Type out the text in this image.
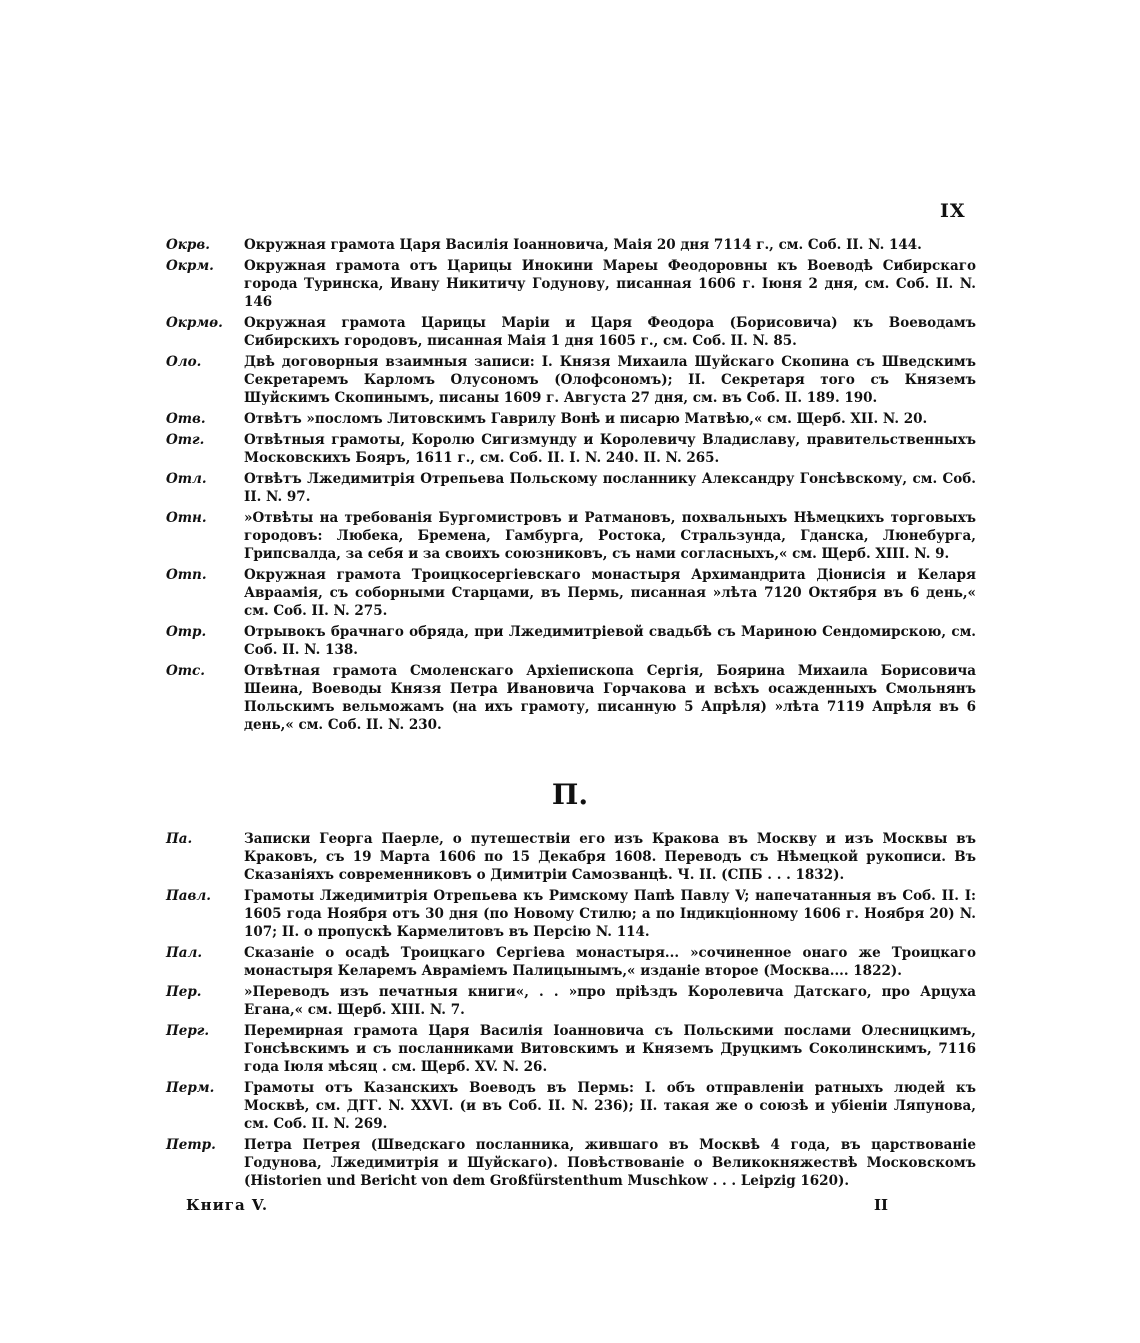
IX
Окрв.	Окружная грамота Царя Василія Іоанновича, Маія 20 дня 7114 г., см. Соб. II. N. 144.
Окрм.	Окружная грамота отъ Царицы Инокини Мареы Феодоровны къ Воеводѣ Сибирскаго города Туринска, Ивану Никитичу Годунову, писанная 1606 г. Іюня 2 дня, см. Соб. II. N. 146
Окрмө.	Окружная грамота Царицы Маріи и Царя Феодора (Борисовича) къ Воеводамъ Сибирскихъ городовъ, писанная Маія 1 дня 1605 г., см. Соб. II. N. 85.
Оло.	Двѣ договорныя взаимныя записи: I. Князя Михаила Шуйскаго Скопина съ Шведскимъ Секретаремъ Карломъ Олусономъ (Олофсономъ); II. Секретаря того съ Княземъ Шуйскимъ Скопинымъ, писаны 1609 г. Августа 27 дня, см. въ Соб. II. 189. 190.
Отв.	Отвѣтъ »посломъ Литовскимъ Гаврилу Вонѣ и писарю Матвѣю,« см. Щерб. XII. N. 20.
Отг.	Отвѣтныя грамоты, Королю Сигизмунду и Королевичу Владиславу, правительственныхъ Московскихъ Бояръ, 1611 г., см. Соб. II. I. N. 240. II. N. 265.
Отл.	Отвѣтъ Лжедимитрія Отрепьева Польскому посланнику Александру Гонсѣвскому, см. Соб. II. N. 97.
Отн.	»Отвѣты на требованія Бургомистровъ и Ратмановъ, похвальныхъ Нѣмецкихъ торговыхъ городовъ: Любека, Бремена, Гамбурга, Ростока, Стральзунда, Гданска, Люнебурга, Грипсвалда, за себя и за своихъ союзниковъ, съ нами согласныхъ,« см. Щерб. XIII. N. 9.
Отп.	Окружная грамота Троицкосергіевскаго монастыря Архимандрита Діонисія и Келаря Авраамія, съ соборными Старцами, въ Пермь, писанная »лѣта 7120 Октября въ 6 день,« см. Соб. II. N. 275.
Отр.	Отрывокъ брачнаго обряда, при Лжедимитріевой свадьбѣ съ Мариною Сендомирскою, см. Соб. II. N. 138.
Отс.	Отвѣтная грамота Смоленскаго Архіепископа Сергія, Боярина Михаила Борисовича Шеина, Воеводы Князя Петра Ивановича Горчакова и всѣхъ осажденныхъ Смольнянъ Польскимъ вельможамъ (на ихъ грамоту, писанную 5 Апрѣля) »лѣта 7119 Апрѣля въ 6 день,« см. Соб. II. N. 230.
П.
Па.	Записки Георга Паерле, о путешествіи его изъ Кракова въ Москву и изъ Москвы въ Краковъ, съ 19 Марта 1606 по 15 Декабря 1608. Переводъ съ Нѣмецкой рукописи. Въ Сказаніяхъ современниковъ о Димитріи Самозванцѣ. Ч. II. (СПБ . . . 1832).
Павл.	Грамоты Лжедимитрія Отрепьева къ Римскому Папѣ Павлу V; напечатанныя въ Соб. II. I: 1605 года Ноября отъ 30 дня (по Новому Стилю; а по Індикціонному 1606 г. Ноября 20) N. 107; II. о пропускѣ Кармелитовъ въ Персію N. 114.
Пал.	Сказаніе о осадѣ Троицкаго Сергіева монастыря... »сочиненное онаго же Троицкаго монастыря Келаремъ Авраміемъ Палицынымъ,« изданіе второе (Москва.... 1822).
Пер.	»Переводъ изъ печатныя книги«, . . »про пріѣздъ Королевича Датскаго, про Арцуха Егана,« см. Щерб. XIII. N. 7.
Перг.	Перемирная грамота Царя Василія Іоанновича съ Польскими послами Олесницкимъ, Гонсѣвскимъ и съ посланниками Витовскимъ и Княземъ Друцкимъ Соколинскимъ, 7116 года Іюля мѣсяц . см. Щерб. XV. N. 26.
Перм.	Грамоты отъ Казанскихъ Воеводъ въ Пермь: I. объ отправленіи ратныхъ людей къ Москвѣ, см. ДГГ. N. XXVI. (и въ Соб. II. N. 236); II. такая же о союзѣ и убіеніи Ляпунова, см. Соб. II. N. 269.
Петр.	Петра Петрея (Шведскаго посланника, жившаго въ Москвѣ 4 года, въ царствованіе Годунова, Лжедимитрія и Шуйскаго). Повѣствованіе о Великокняжествѣ Московскомъ (Historien und Bericht von dem Großfürstenthum Muschkow . . . Leipzig 1620).
Книга V.	II
